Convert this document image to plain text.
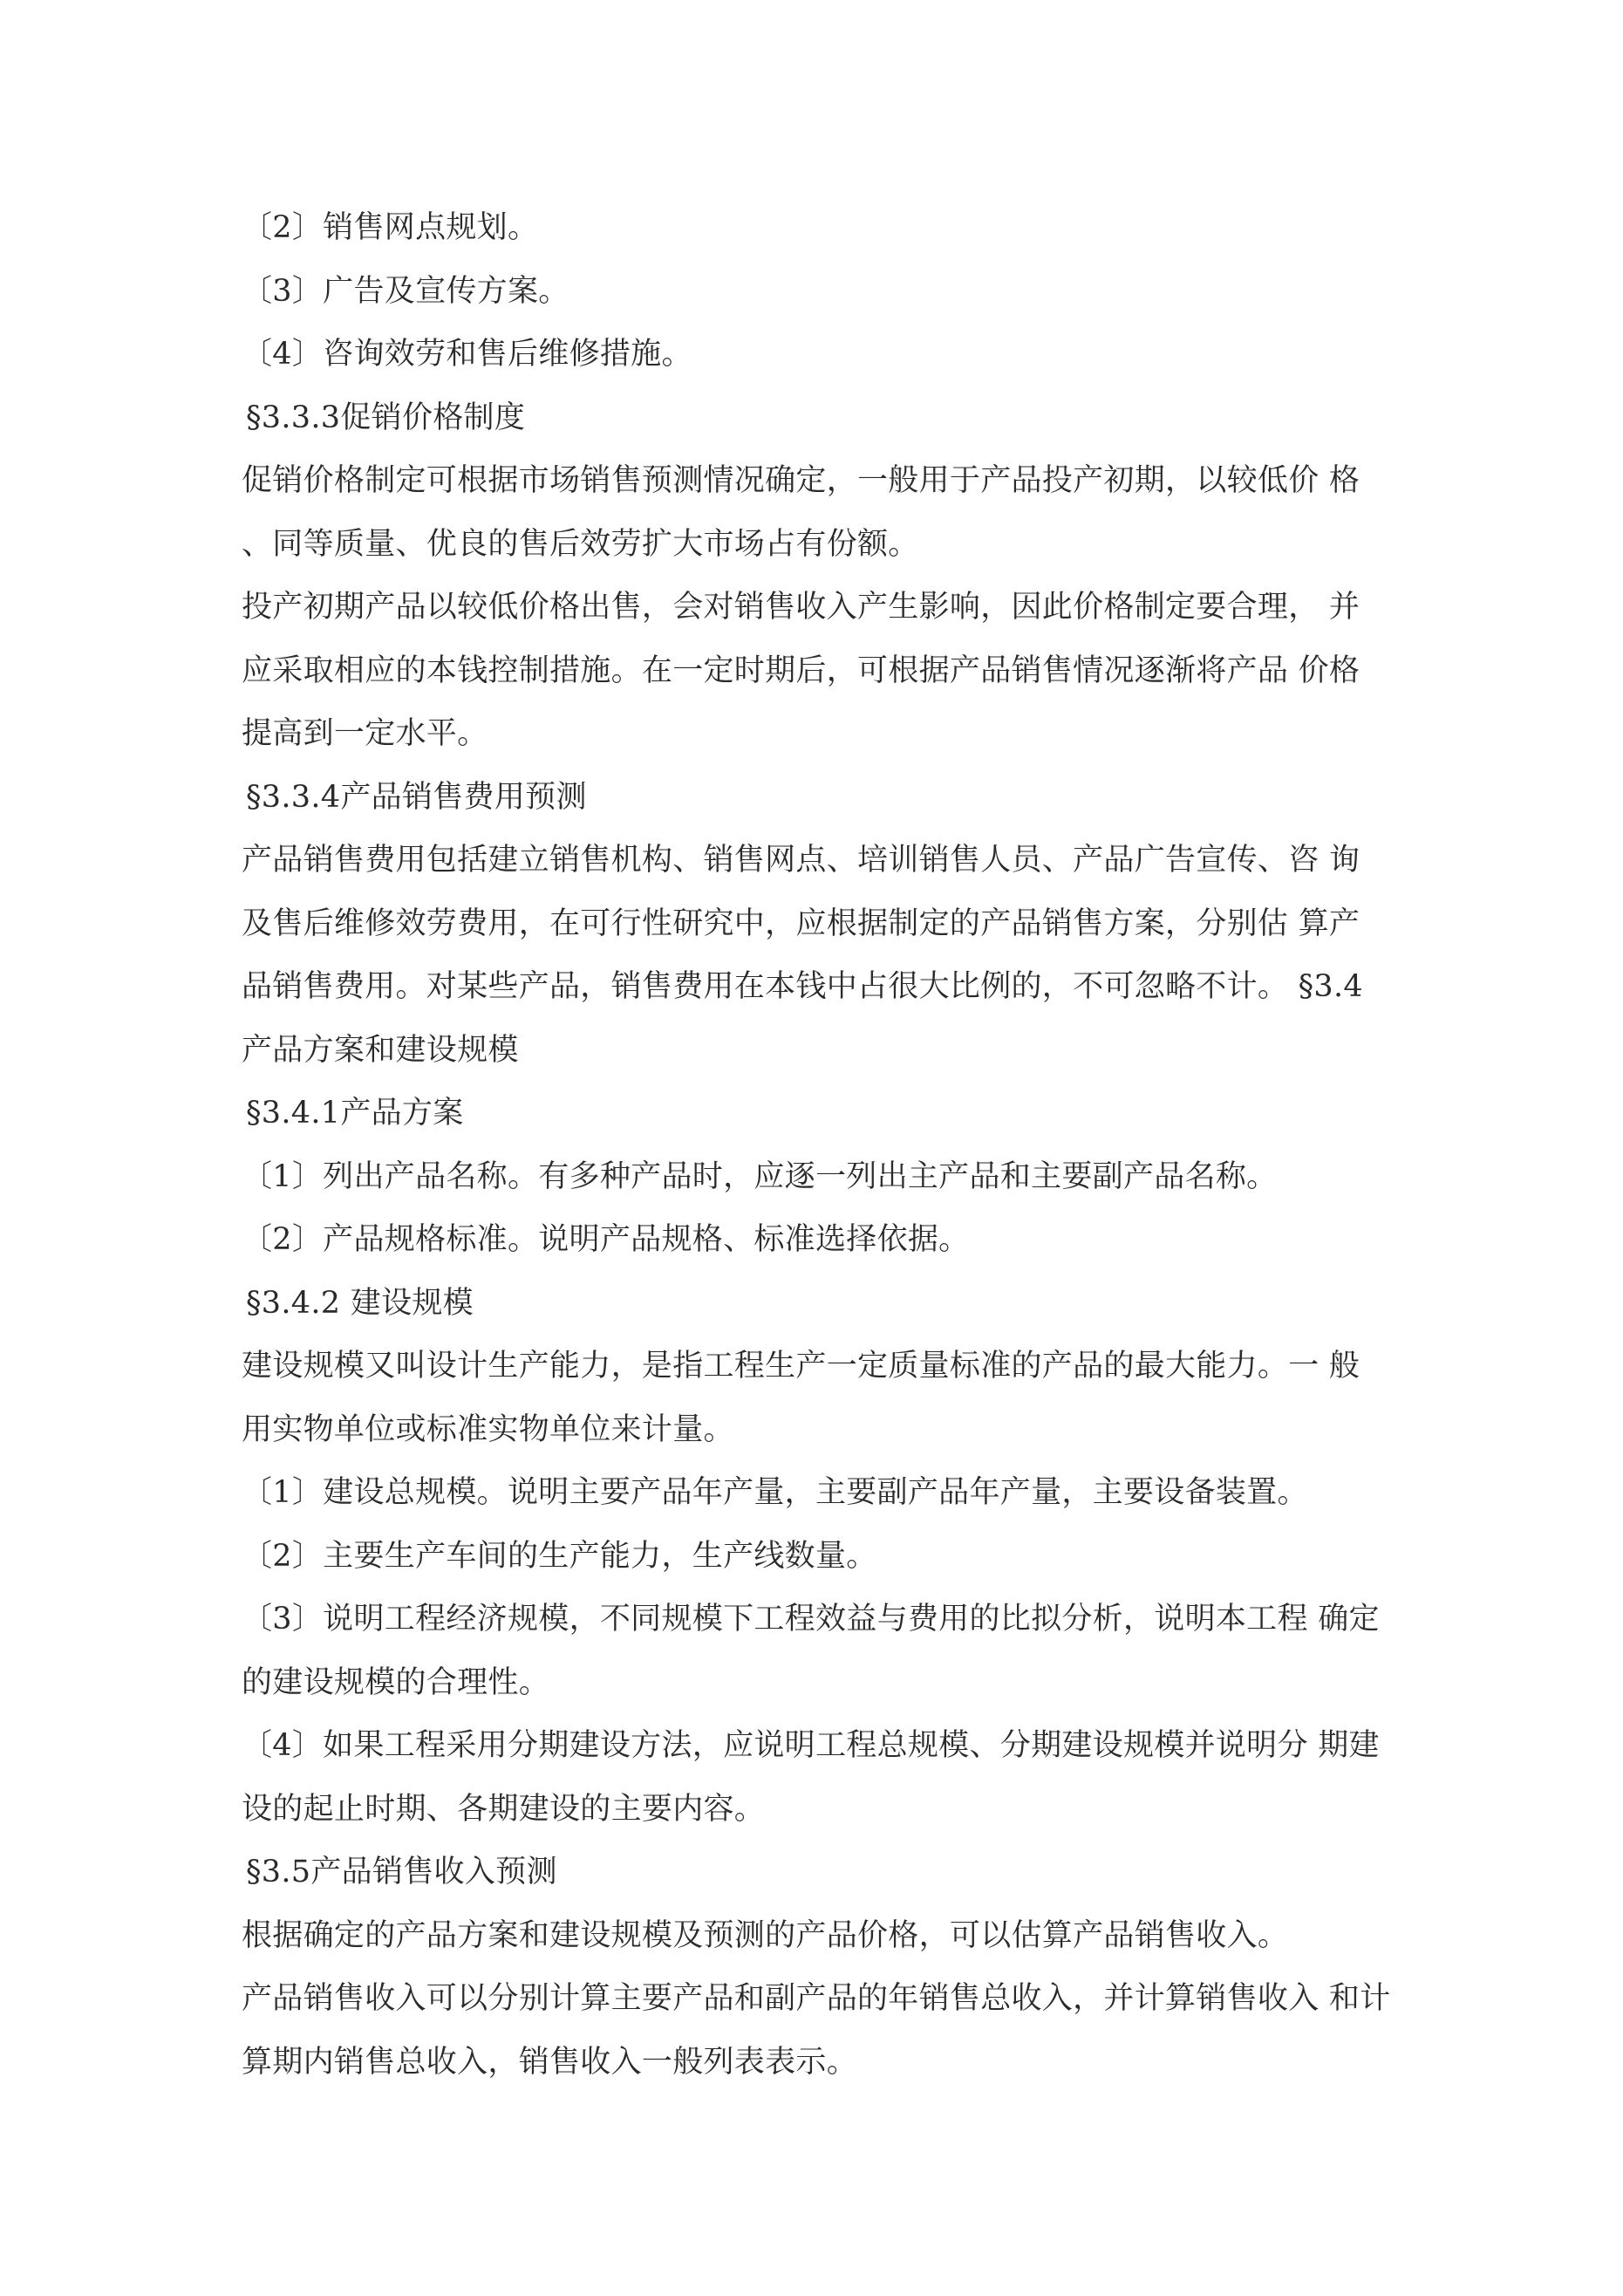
〔2〕销售网点规划。
〔3〕广告及宣传方案。
〔4〕咨询效劳和售后维修措施。
§3.3.3促销价格制度
促销价格制定可根据市场销售预测情况确定，一般用于产品投产初期，以较低价 格
、同等质量、优良的售后效劳扩大市场占有份额。
投产初期产品以较低价格出售，会对销售收入产生影响，因此价格制定要合理， 并
应采取相应的本钱控制措施。在一定时期后，可根据产品销售情况逐渐将产品 价格
提高到一定水平。
§3.3.4产品销售费用预测
产品销售费用包括建立销售机构、销售网点、培训销售人员、产品广告宣传、咨 询
及售后维修效劳费用，在可行性研究中，应根据制定的产品销售方案，分别估 算产
品销售费用。对某些产品，销售费用在本钱中占很大比例的，不可忽略不计。 §3.4
产品方案和建设规模
§3.4.1产品方案
〔1〕列出产品名称。有多种产品时，应逐一列出主产品和主要副产品名称。
〔2〕产品规格标准。说明产品规格、标准选择依据。
§3.4.2 建设规模
建设规模又叫设计生产能力，是指工程生产一定质量标准的产品的最大能力。一 般
用实物单位或标准实物单位来计量。
〔1〕建设总规模。说明主要产品年产量，主要副产品年产量，主要设备装置。
〔2〕主要生产车间的生产能力，生产线数量。
〔3〕说明工程经济规模，不同规模下工程效益与费用的比拟分析，说明本工程 确定
的建设规模的合理性。
〔4〕如果工程采用分期建设方法，应说明工程总规模、分期建设规模并说明分 期建
设的起止时期、各期建设的主要内容。
§3.5产品销售收入预测
根据确定的产品方案和建设规模及预测的产品价格，可以估算产品销售收入。
产品销售收入可以分别计算主要产品和副产品的年销售总收入，并计算销售收入 和计
算期内销售总收入，销售收入一般列表表示。
